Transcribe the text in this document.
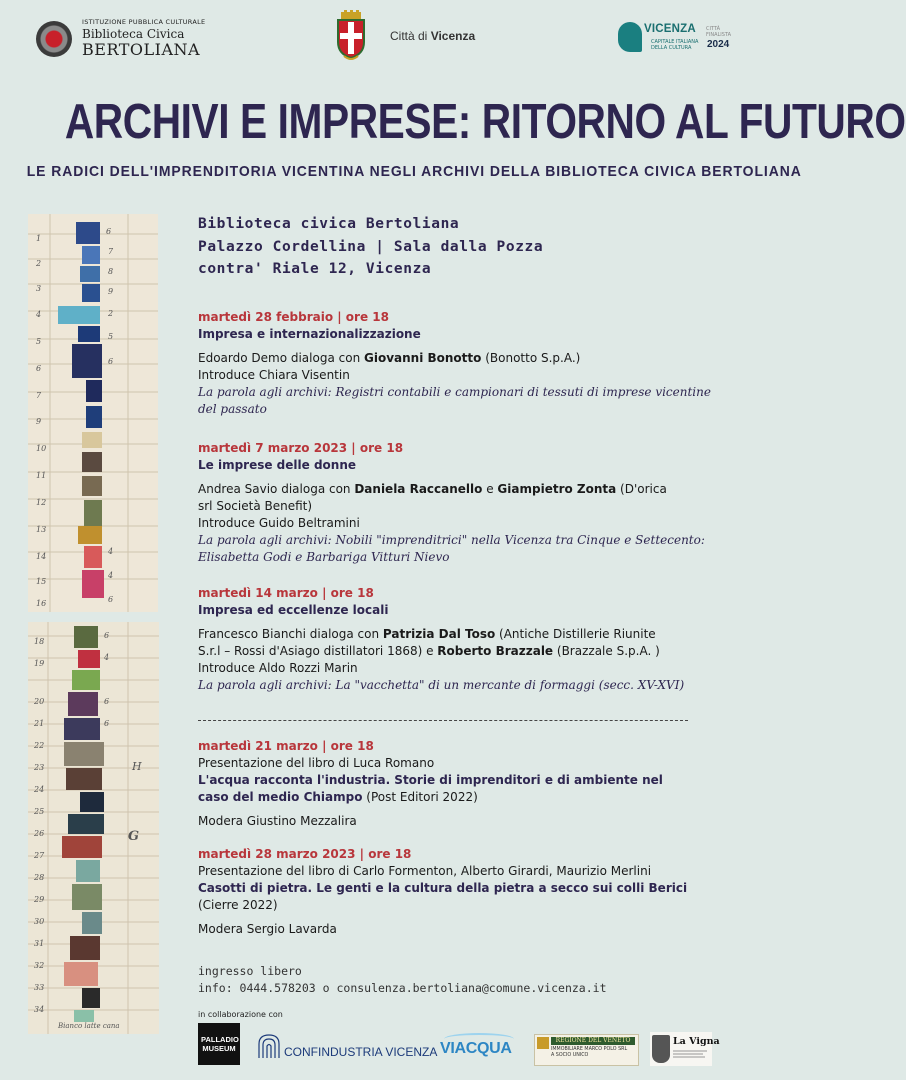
ISTITUZIONE PUBBLICA CULTURALE
Biblioteca Civica
BERTOLIANA
Città di Vicenza	VICENZA
CAPITALE ITALIANA
DELLA CULTURA
CITTÀ FINALISTA
2024
ARCHIVI E IMPRESE: RITORNO AL FUTURO
LE RADICI DELL'IMPRENDITORIA VICENTINA NEGLI ARCHIVI DELLA BIBLIOTECA CIVICA BERTOLIANA
1
2
3
4
5
6
7
9
10
11
12
13
14
15
16
6
7
8
9
2
5
6
4
4
6
18
19
20
21
22
23
24
25
26
27
28
29
30
31
32
33
34
6
4
6
6
H
G
Bianco latte cana
Biblioteca civica Bertoliana
Palazzo Cordellina | Sala dalla Pozza
contra' Riale 12, Vicenza
martedì 28 febbraio | ore 18
Impresa e internazionalizzazione
Edoardo Demo dialoga con Giovanni Bonotto (Bonotto S.p.A.)
Introduce Chiara Visentin
La parola agli archivi: Registri contabili e campionari di tessuti di imprese vicentine
del passato
martedì 7 marzo 2023 | ore 18
Le imprese delle donne
Andrea Savio dialoga con Daniela Raccanello e Giampietro Zonta (D'orica
srl Società Benefit)
Introduce Guido Beltramini
La parola agli archivi: Nobili "imprenditrici" nella Vicenza tra Cinque e Settecento:
Elisabetta Godi e Barbariga Vitturi Nievo
martedì 14 marzo | ore 18
Impresa ed eccellenze locali
Francesco Bianchi dialoga con Patrizia Dal Toso (Antiche Distillerie Riunite
S.r.l – Rossi d'Asiago distillatori 1868) e Roberto Brazzale (Brazzale S.p.A. )
Introduce Aldo Rozzi Marin
La parola agli archivi: La "vacchetta" di un mercante di formaggi (secc. XV-XVI)
martedì 21 marzo | ore 18
Presentazione del libro di Luca Romano
L'acqua racconta l'industria. Storie di imprenditori e di ambiente nel
caso del medio Chiampo (Post Editori 2022)
Modera Giustino Mezzalira
martedì 28 marzo 2023 | ore 18
Presentazione del libro di Carlo Formenton, Alberto Girardi, Maurizio Merlini
Casotti di pietra. Le genti e la cultura della pietra a secco sui colli Berici
(Cierre 2022)
Modera Sergio Lavarda
ingresso libero
info: 0444.578203 o consulenza.bertoliana@comune.vicenza.it
in collaborazione con
PALLADIO MUSEUM	CONFINDUSTRIA VICENZA VIACQUA	REGIONE DEL VENETO
IMMOBILIARE MARCO POLO SRL
A SOCIO UNICO
La Vigna
